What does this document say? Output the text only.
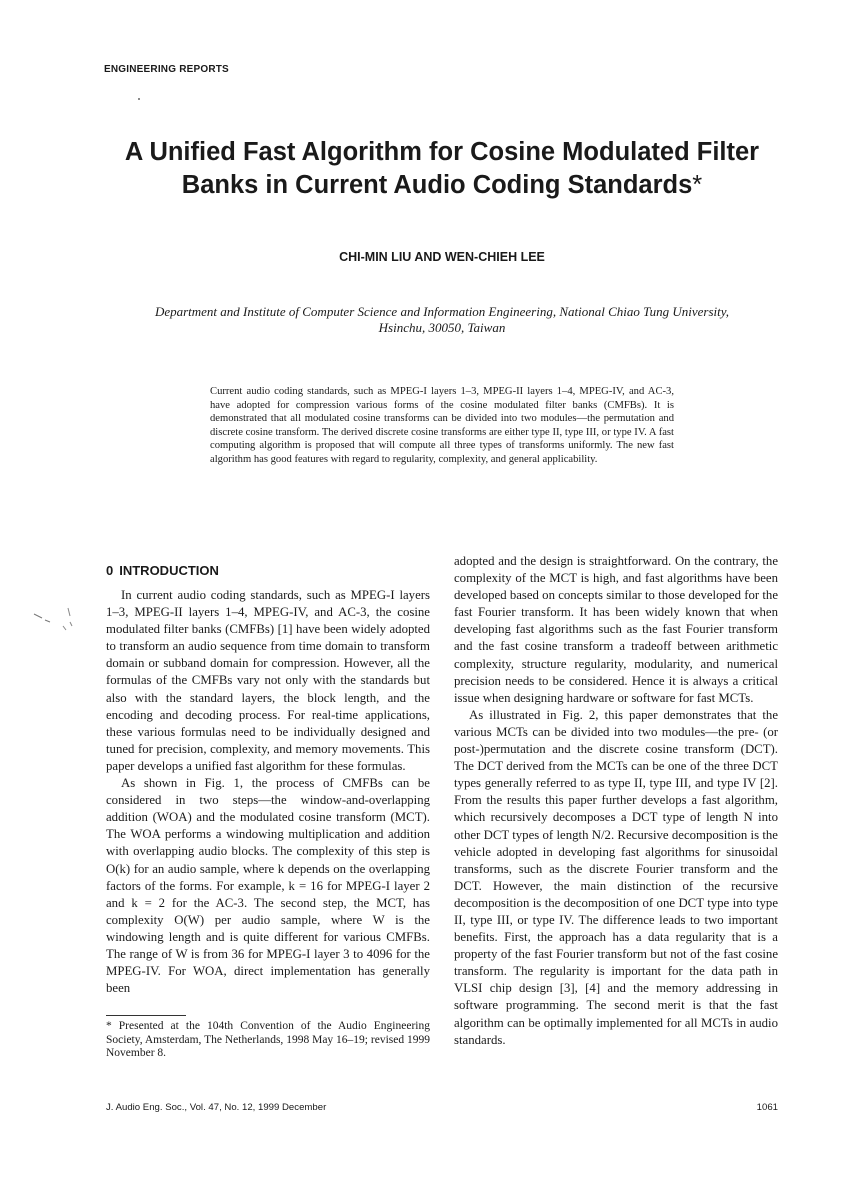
ENGINEERING REPORTS
A Unified Fast Algorithm for Cosine Modulated Filter
Banks in Current Audio Coding Standards*
CHI-MIN LIU AND WEN-CHIEH LEE
Department and Institute of Computer Science and Information Engineering, National Chiao Tung University,
Hsinchu, 30050, Taiwan
Current audio coding standards, such as MPEG-I layers 1–3, MPEG-II layers 1–4, MPEG-IV, and AC-3, have adopted for compression various forms of the cosine modulated filter banks (CMFBs). It is demonstrated that all modulated cosine transforms can be divided into two modules—the permutation and discrete cosine transform. The derived discrete cosine transforms are either type II, type III, or type IV. A fast computing algorithm is proposed that will compute all three types of transforms uniformly. The new fast algorithm has good features with regard to regularity, complexity, and general applicability.
0 INTRODUCTION

In current audio coding standards, such as MPEG-I layers 1–3, MPEG-II layers 1–4, MPEG-IV, and AC-3, the cosine modulated filter banks (CMFBs) [1] have been widely adopted to transform an audio sequence from time domain to transform domain or subband domain for compression. However, all the formulas of the CMFBs vary not only with the standards but also with the standard layers, the block length, and the encoding and decoding process. For real-time applications, these various formulas need to be individually designed and tuned for precision, complexity, and memory movements. This paper develops a unified fast algorithm for these formulas.

As shown in Fig. 1, the process of CMFBs can be considered in two steps—the window-and-overlapping addition (WOA) and the modulated cosine transform (MCT). The WOA performs a windowing multiplication and addition with overlapping audio blocks. The complexity of this step is O(k) for an audio sample, where k depends on the overlapping factors of the forms. For example, k = 16 for MPEG-I layer 2 and k = 2 for the AC-3. The second step, the MCT, has complexity O(W) per audio sample, where W is the windowing length and is quite different for various CMFBs. The range of W is from 36 for MPEG-I layer 3 to 4096 for the MPEG-IV. For WOA, direct implementation has generally been

adopted and the design is straightforward. On the contrary, the complexity of the MCT is high, and fast algorithms have been developed based on concepts similar to those developed for the fast Fourier transform. It has been widely known that when developing fast algorithms such as the fast Fourier transform and the fast cosine transform a tradeoff between arithmetic complexity, structure regularity, modularity, and numerical precision needs to be considered. Hence it is always a critical issue when designing hardware or software for fast MCTs.

As illustrated in Fig. 2, this paper demonstrates that the various MCTs can be divided into two modules—the pre- (or post-)permutation and the discrete cosine transform (DCT). The DCT derived from the MCTs can be one of the three DCT types generally referred to as type II, type III, and type IV [2]. From the results this paper further develops a fast algorithm, which recursively decomposes a DCT type of length N into other DCT types of length N/2. Recursive decomposition is the vehicle adopted in developing fast algorithms for sinusoidal transforms, such as the discrete Fourier transform and the DCT. However, the main distinction of the recursive decomposition is the decomposition of one DCT type into type II, type III, or type IV. The difference leads to two important benefits. First, the approach has a data regularity that is a property of the fast Fourier transform but not of the fast cosine transform. The regularity is important for the data path in VLSI chip design [3], [4] and the memory addressing in software programming. The second merit is that the fast algorithm can be optimally implemented for all MCTs in audio standards.

* Presented at the 104th Convention of the Audio Engineering Society, Amsterdam, The Netherlands, 1998 May 16–19; revised 1999 November 8.
J. Audio Eng. Soc., Vol. 47, No. 12, 1999 December	1061
